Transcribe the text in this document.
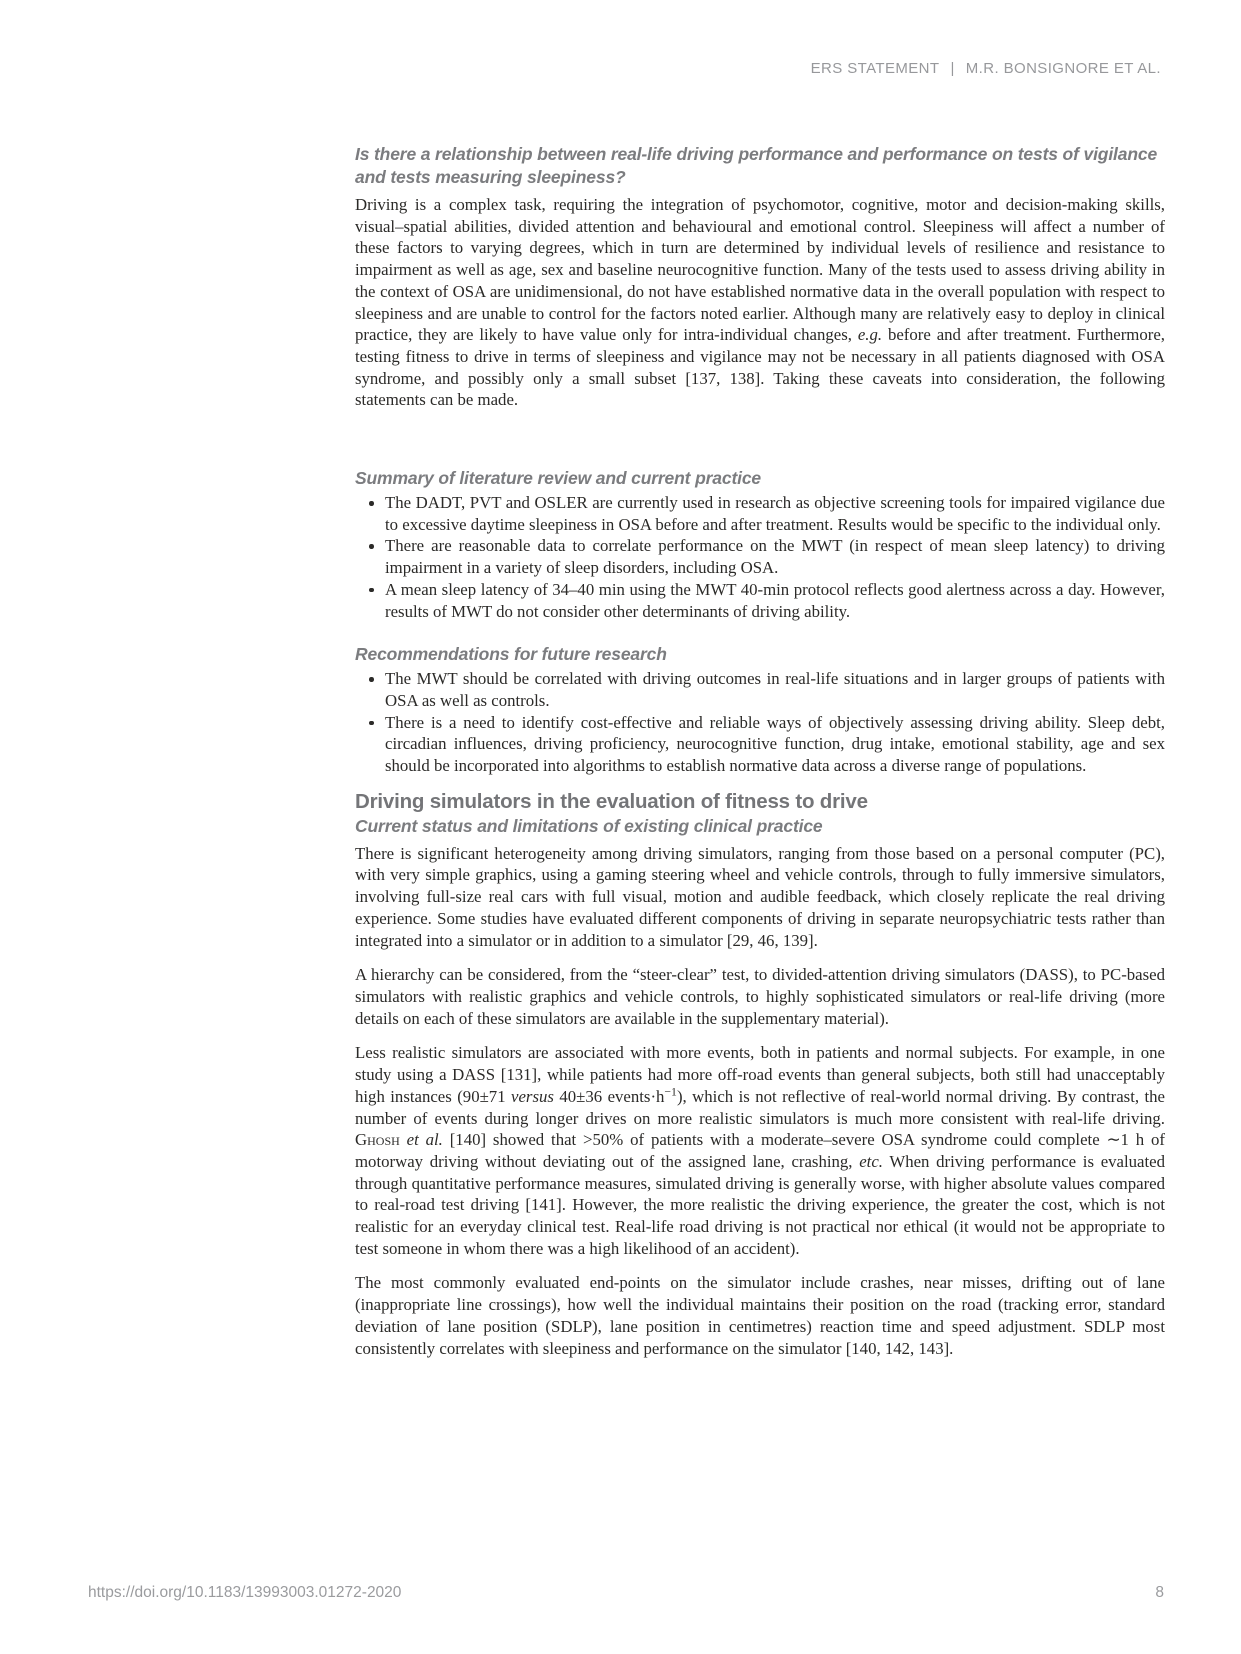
ERS STATEMENT | M.R. BONSIGNORE ET AL.
Is there a relationship between real-life driving performance and performance on tests of vigilance and tests measuring sleepiness?

Driving is a complex task, requiring the integration of psychomotor, cognitive, motor and decision-making skills, visual–spatial abilities, divided attention and behavioural and emotional control. Sleepiness will affect a number of these factors to varying degrees, which in turn are determined by individual levels of resilience and resistance to impairment as well as age, sex and baseline neurocognitive function. Many of the tests used to assess driving ability in the context of OSA are unidimensional, do not have established normative data in the overall population with respect to sleepiness and are unable to control for the factors noted earlier. Although many are relatively easy to deploy in clinical practice, they are likely to have value only for intra-individual changes, e.g. before and after treatment. Furthermore, testing fitness to drive in terms of sleepiness and vigilance may not be necessary in all patients diagnosed with OSA syndrome, and possibly only a small subset [137, 138]. Taking these caveats into consideration, the following statements can be made.

Summary of literature review and current practice
The DADT, PVT and OSLER are currently used in research as objective screening tools for impaired vigilance due to excessive daytime sleepiness in OSA before and after treatment. Results would be specific to the individual only.
There are reasonable data to correlate performance on the MWT (in respect of mean sleep latency) to driving impairment in a variety of sleep disorders, including OSA.
A mean sleep latency of 34–40 min using the MWT 40-min protocol reflects good alertness across a day. However, results of MWT do not consider other determinants of driving ability.
Recommendations for future research
The MWT should be correlated with driving outcomes in real-life situations and in larger groups of patients with OSA as well as controls.
There is a need to identify cost-effective and reliable ways of objectively assessing driving ability. Sleep debt, circadian influences, driving proficiency, neurocognitive function, drug intake, emotional stability, age and sex should be incorporated into algorithms to establish normative data across a diverse range of populations.
Driving simulators in the evaluation of fitness to drive
Current status and limitations of existing clinical practice

There is significant heterogeneity among driving simulators, ranging from those based on a personal computer (PC), with very simple graphics, using a gaming steering wheel and vehicle controls, through to fully immersive simulators, involving full-size real cars with full visual, motion and audible feedback, which closely replicate the real driving experience. Some studies have evaluated different components of driving in separate neuropsychiatric tests rather than integrated into a simulator or in addition to a simulator [29, 46, 139].

A hierarchy can be considered, from the “steer-clear” test, to divided-attention driving simulators (DASS), to PC-based simulators with realistic graphics and vehicle controls, to highly sophisticated simulators or real-life driving (more details on each of these simulators are available in the supplementary material).

Less realistic simulators are associated with more events, both in patients and normal subjects. For example, in one study using a DASS [131], while patients had more off-road events than general subjects, both still had unacceptably high instances (90±71 versus 40±36 $events\cdot h^{-1}$), which is not reflective of real-world normal driving. By contrast, the number of events during longer drives on more realistic simulators is much more consistent with real-life driving. Ghosh et al. [140] showed that >50% of patients with a moderate–severe OSA syndrome could complete ∼1 h of motorway driving without deviating out of the assigned lane, crashing, etc. When driving performance is evaluated through quantitative performance measures, simulated driving is generally worse, with higher absolute values compared to real-road test driving [141]. However, the more realistic the driving experience, the greater the cost, which is not realistic for an everyday clinical test. Real-life road driving is not practical nor ethical (it would not be appropriate to test someone in whom there was a high likelihood of an accident).

The most commonly evaluated end-points on the simulator include crashes, near misses, drifting out of lane (inappropriate line crossings), how well the individual maintains their position on the road (tracking error, standard deviation of lane position (SDLP), lane position in centimetres) reaction time and speed adjustment. SDLP most consistently correlates with sleepiness and performance on the simulator [140, 142, 143].

https://doi.org/10.1183/13993003.01272-2020	8
